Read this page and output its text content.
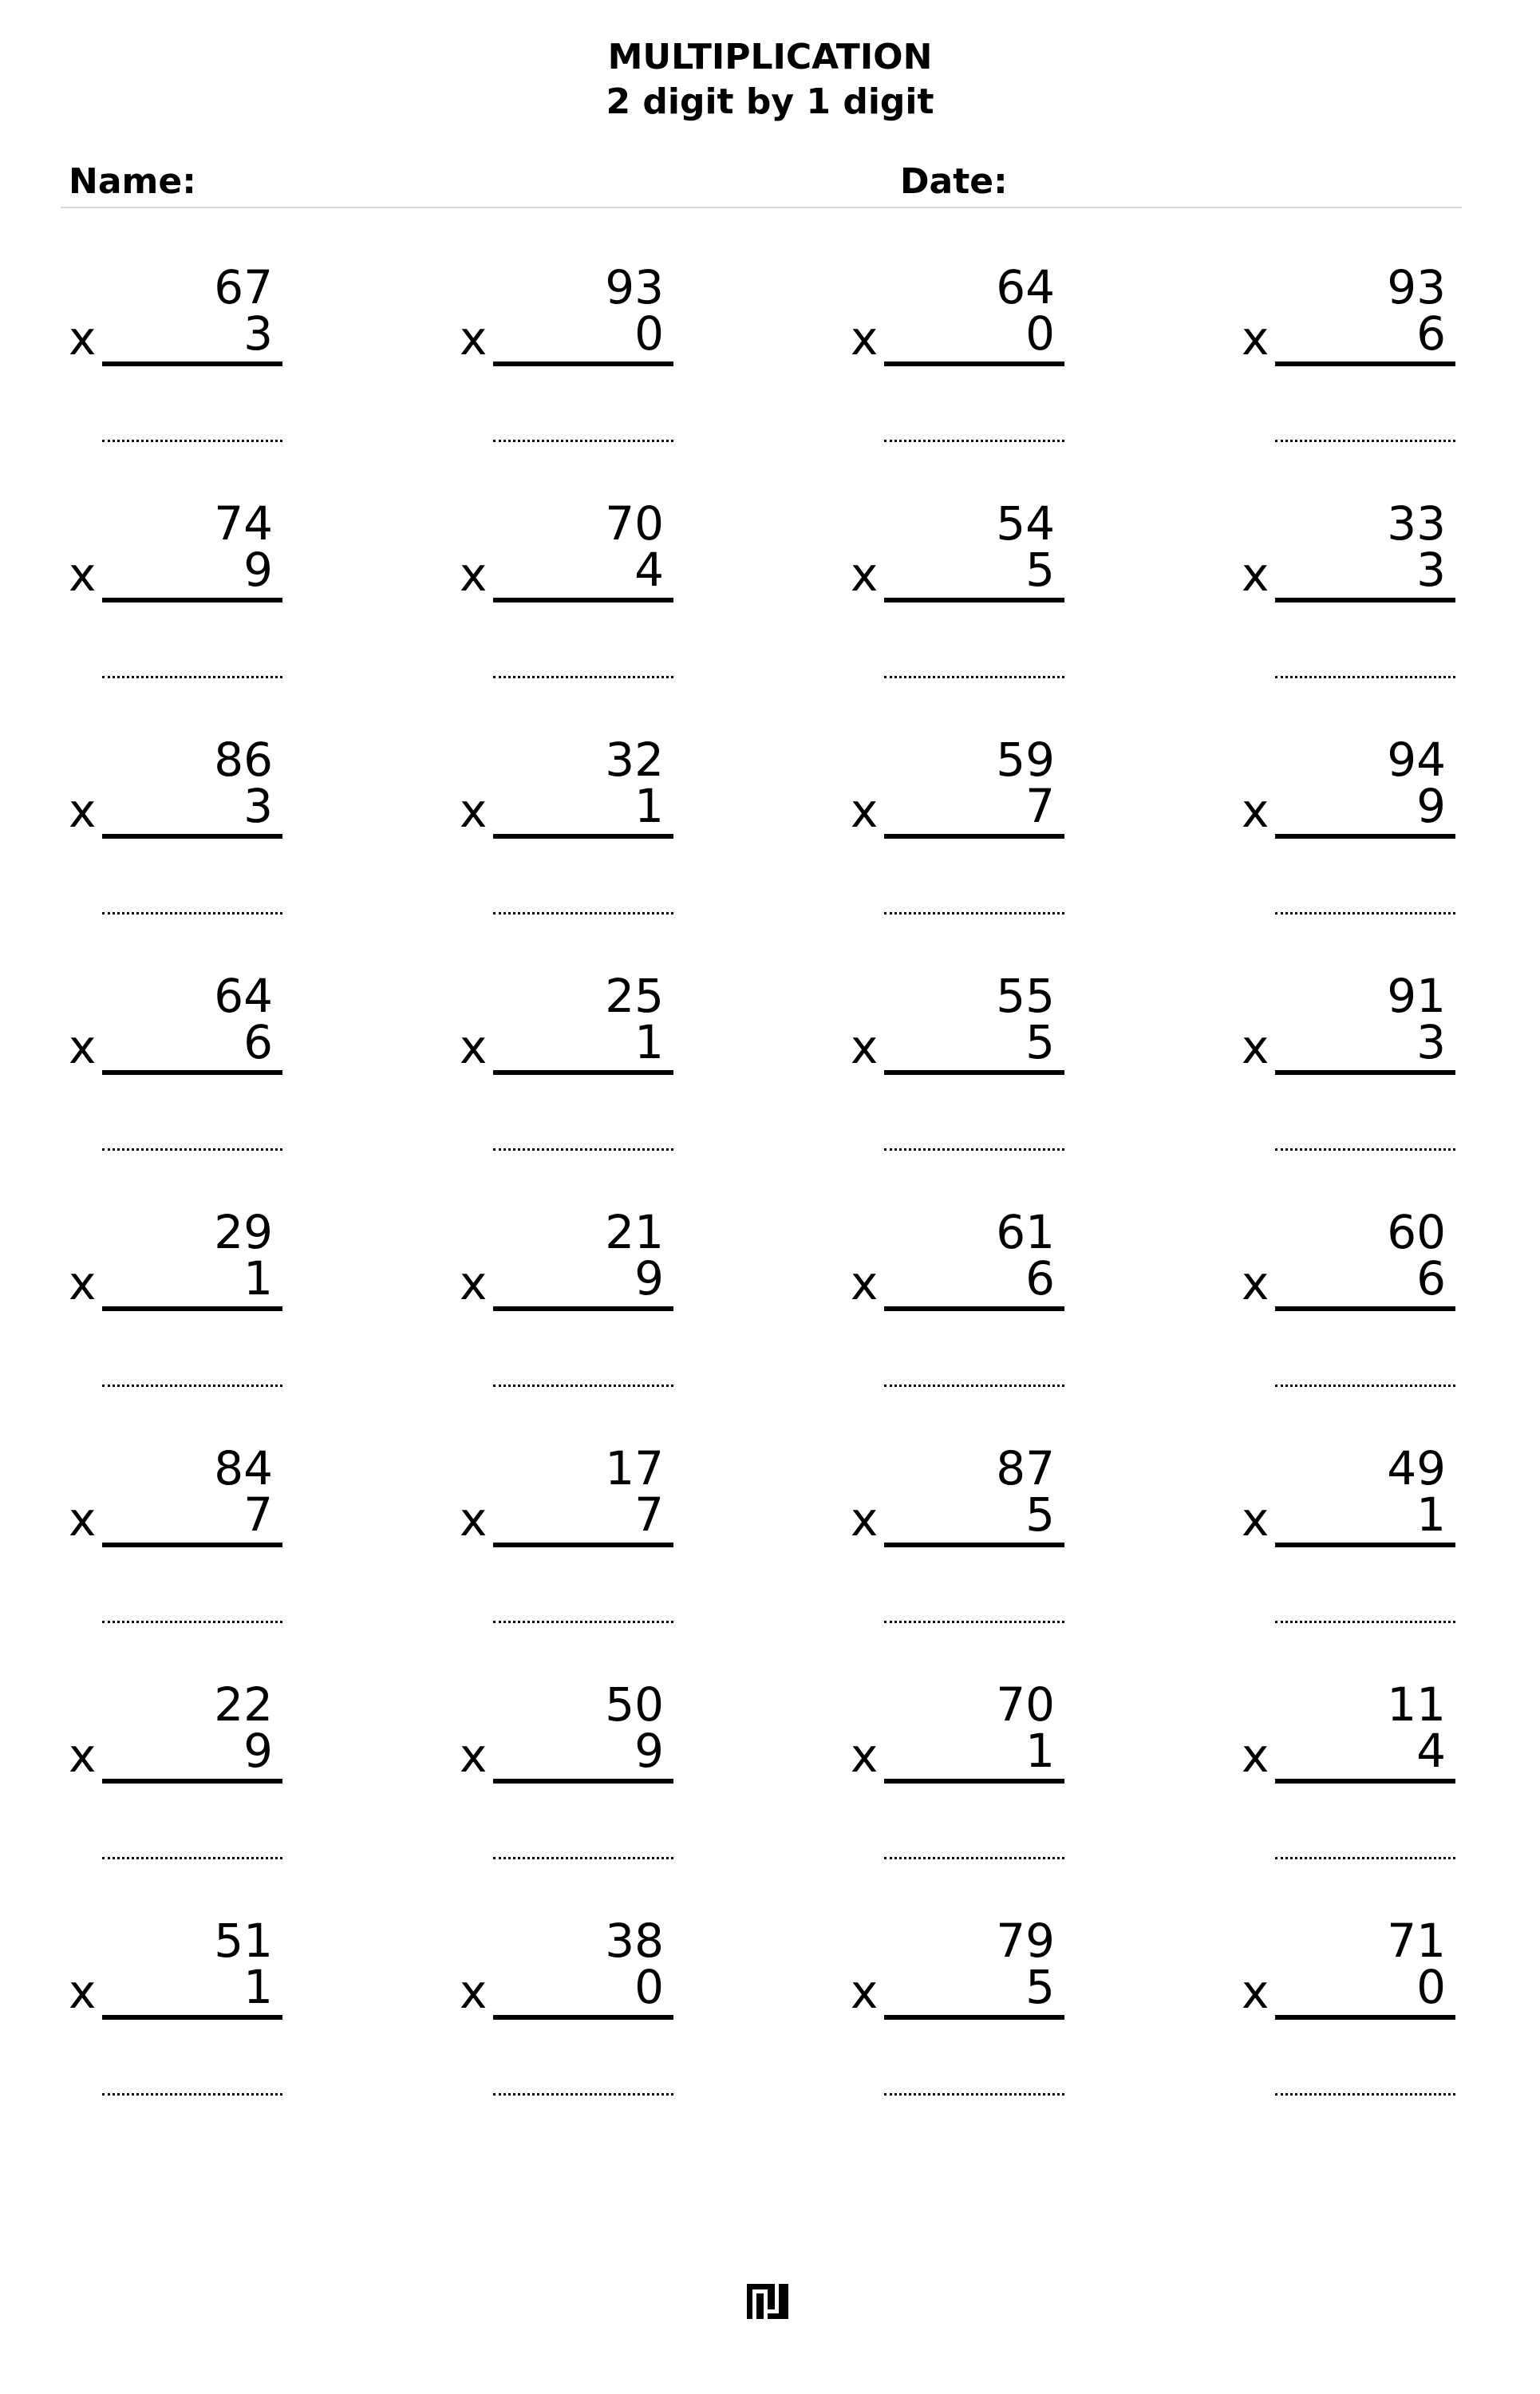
MULTIPLICATION
2 digit by 1 digit
Name:	Date:
67
x	3
93
x	0
64
x	0
93
x	6
74
x	9
70
x	4
54
x	5
33
x	3
86
x	3
32
x	1
59
x	7
94
x	9
64
x	6
25
x	1
55
x	5
91
x	3
29
x	1
21
x	9
61
x	6
60
x	6
84
x	7
17
x	7
87
x	5
49
x	1
22
x	9
50
x	9
70
x	1
11
x	4
51
x	1
38
x	0
79
x	5
71
x	0
